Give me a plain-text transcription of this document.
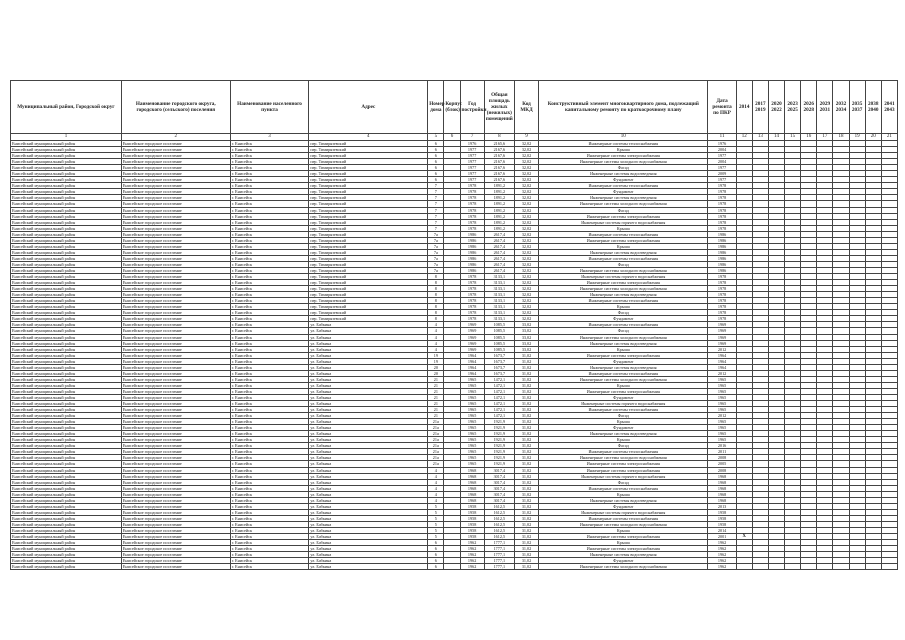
Муниципальный район, Городской округ	Наименование городского округа, городского (сельского) поселения	Наименование населенного пункта	Адрес	Номер дома	Корпус (блок)	Год постройки	Общая площадь жилых (нежилых) помещений	Код МКД	Конструктивный элемент многоквартирного дома, подлежащий капитальному ремонту по краткосрочному плану	Дата ремонта по ПКР	2014	2017 2019	2020 2022	2023 2025	2026 2028	2029 2031	2032 2034	2035 2037	2038 2040	2041 2043
1	2	3	4	5	6	7	8	9	10	11	12	13	14	15	16	17	18	19	20	21
Енисейский муниципальный район	Енисейское городское поселение	г. Енисейск	пер. Тимирязевский	6		1976	2165,6	32,02	Инженерные системы теплоснабжения	1976										
Енисейский муниципальный район	Енисейское городское поселение	г. Енисейск	пер. Тимирязевский	6		1977	2167,6	32,02	Крыша	2004										
Енисейский муниципальный район	Енисейское городское поселение	г. Енисейск	пер. Тимирязевский	6		1977	2167,6	32,02	Инженерные системы электроснабжения	1977										
Енисейский муниципальный район	Енисейское городское поселение	г. Енисейск	пер. Тимирязевский	6		1977	2167,6	32,02	Инженерные системы холодного водоснабжения	2004										
Енисейский муниципальный район	Енисейское городское поселение	г. Енисейск	пер. Тимирязевский	6		1977	2167,6	32,02	Фасад	1977										
Енисейский муниципальный район	Енисейское городское поселение	г. Енисейск	пер. Тимирязевский	6		1977	2167,6	32,02	Инженерные системы водоотведения	2009										
Енисейский муниципальный район	Енисейское городское поселение	г. Енисейск	пер. Тимирязевский	6		1977	2167,6	32,02	Фундамент	1977										
Енисейский муниципальный район	Енисейское городское поселение	г. Енисейск	пер. Тимирязевский	7		1978	1891,2	32,02	Инженерные системы теплоснабжения	1978										
Енисейский муниципальный район	Енисейское городское поселение	г. Енисейск	пер. Тимирязевский	7		1978	1891,2	32,02	Фундамент	1978										
Енисейский муниципальный район	Енисейское городское поселение	г. Енисейск	пер. Тимирязевский	7		1978	1891,2	32,02	Инженерные системы водоотведения	1978										
Енисейский муниципальный район	Енисейское городское поселение	г. Енисейск	пер. Тимирязевский	7		1978	1891,2	32,02	Инженерные системы холодного водоснабжения	1978										
Енисейский муниципальный район	Енисейское городское поселение	г. Енисейск	пер. Тимирязевский	7		1978	1891,2	32,02	Фасад	1978										
Енисейский муниципальный район	Енисейское городское поселение	г. Енисейск	пер. Тимирязевский	7		1978	1891,2	32,02	Инженерные системы электроснабжения	1978										
Енисейский муниципальный район	Енисейское городское поселение	г. Енисейск	пер. Тимирязевский	7		1978	1891,2	32,02	Инженерные системы горячего водоснабжения	1978										
Енисейский муниципальный район	Енисейское городское поселение	г. Енисейск	пер. Тимирязевский	7		1978	1891,2	32,02	Крыша	1978										
Енисейский муниципальный район	Енисейское городское поселение	г. Енисейск	пер. Тимирязевский	7а		1986	2617,4	32,02	Инженерные системы теплоснабжения	1986										
Енисейский муниципальный район	Енисейское городское поселение	г. Енисейск	пер. Тимирязевский	7а		1986	2617,4	32,02	Инженерные системы электроснабжения	1986										
Енисейский муниципальный район	Енисейское городское поселение	г. Енисейск	пер. Тимирязевский	7а		1986	2617,4	32,02	Крыша	1986										
Енисейский муниципальный район	Енисейское городское поселение	г. Енисейск	пер. Тимирязевский	7а		1986	2617,4	32,02	Инженерные системы водоотведения	1986										
Енисейский муниципальный район	Енисейское городское поселение	г. Енисейск	пер. Тимирязевский	7а		1986	2617,4	32,02	Инженерные системы теплоснабжения	1986										
Енисейский муниципальный район	Енисейское городское поселение	г. Енисейск	пер. Тимирязевский	7а		1986	2617,4	32,02	Фасад	1986										
Енисейский муниципальный район	Енисейское городское поселение	г. Енисейск	пер. Тимирязевский	7а		1986	2617,4	32,02	Инженерные системы холодного водоснабжения	1986										
Енисейский муниципальный район	Енисейское городское поселение	г. Енисейск	пер. Тимирязевский	8		1978	3133,1	32,02	Инженерные системы горячего водоснабжения	1978										
Енисейский муниципальный район	Енисейское городское поселение	г. Енисейск	пер. Тимирязевский	8		1978	3133,1	32,02	Инженерные системы электроснабжения	1978										
Енисейский муниципальный район	Енисейское городское поселение	г. Енисейск	пер. Тимирязевский	8		1978	3133,1	32,02	Инженерные системы холодного водоснабжения	1978										
Енисейский муниципальный район	Енисейское городское поселение	г. Енисейск	пер. Тимирязевский	8		1978	3133,1	32,02	Инженерные системы водоотведения	1978										
Енисейский муниципальный район	Енисейское городское поселение	г. Енисейск	пер. Тимирязевский	8		1978	3133,1	32,02	Инженерные системы теплоснабжения	1978										
Енисейский муниципальный район	Енисейское городское поселение	г. Енисейск	пер. Тимирязевский	8		1978	3133,1	32,02	Крыша	1978										
Енисейский муниципальный район	Енисейское городское поселение	г. Енисейск	пер. Тимирязевский	8		1978	3133,1	32,02	Фасад	1978										
Енисейский муниципальный район	Енисейское городское поселение	г. Енисейск	пер. Тимирязевский	8		1978	3133,1	32,02	Фундамент	1978										
Енисейский муниципальный район	Енисейское городское поселение	г. Енисейск	ул. Бабкина	4		1969	1085,5	33,02	Инженерные системы теплоснабжения	1969										
Енисейский муниципальный район	Енисейское городское поселение	г. Енисейск	ул. Бабкина	4		1969	1085,5	33,02	Фасад	1969										
Енисейский муниципальный район	Енисейское городское поселение	г. Енисейск	ул. Бабкина	4		1969	1085,5	33,02	Инженерные системы холодного водоснабжения	1969										
Енисейский муниципальный район	Енисейское городское поселение	г. Енисейск	ул. Бабкина	4		1969	1085,5	33,02	Инженерные системы водоотведения	1969										
Енисейский муниципальный район	Енисейское городское поселение	г. Енисейск	ул. Бабкина	4		1969	1085,5	33,02	Крыша	2012										
Енисейский муниципальный район	Енисейское городское поселение	г. Енисейск	ул. Бабкина	19		1964	1673,7	31,02	Инженерные системы электроснабжения	1964										
Енисейский муниципальный район	Енисейское городское поселение	г. Енисейск	ул. Бабкина	19		1964	1673,7	31,02	Фундамент	1964										
Енисейский муниципальный район	Енисейское городское поселение	г. Енисейск	ул. Бабкина	20		1964	1673,7	31,02	Инженерные системы водоотведения	1964										
Енисейский муниципальный район	Енисейское городское поселение	г. Енисейск	ул. Бабкина	20		1964	1673,7	31,02	Инженерные системы теплоснабжения	2012										
Енисейский муниципальный район	Енисейское городское поселение	г. Енисейск	ул. Бабкина	21		1965	1472,1	31,02	Инженерные системы холодного водоснабжения	1965										
Енисейский муниципальный район	Енисейское городское поселение	г. Енисейск	ул. Бабкина	21		1965	1472,1	31,02	Крыша	1965										
Енисейский муниципальный район	Енисейское городское поселение	г. Енисейск	ул. Бабкина	21		1965	1472,1	31,02	Инженерные системы электроснабжения	1965										
Енисейский муниципальный район	Енисейское городское поселение	г. Енисейск	ул. Бабкина	21		1965	1472,1	31,02	Фундамент	1965										
Енисейский муниципальный район	Енисейское городское поселение	г. Енисейск	ул. Бабкина	21		1965	1472,1	31,02	Инженерные системы горячего водоснабжения	1965										
Енисейский муниципальный район	Енисейское городское поселение	г. Енисейск	ул. Бабкина	21		1965	1472,1	31,02	Инженерные системы теплоснабжения	1965										
Енисейский муниципальный район	Енисейское городское поселение	г. Енисейск	ул. Бабкина	21		1965	1472,1	31,02	Фасад	2012										
Енисейский муниципальный район	Енисейское городское поселение	г. Енисейск	ул. Бабкина	21а		1965	1921,9	31,02	Крыша	1965										
Енисейский муниципальный район	Енисейское городское поселение	г. Енисейск	ул. Бабкина	21а		1965	1921,9	31,02	Фундамент	1965										
Енисейский муниципальный район	Енисейское городское поселение	г. Енисейск	ул. Бабкина	21а		1965	1921,9	31,02	Инженерные системы водоотведения	1965										
Енисейский муниципальный район	Енисейское городское поселение	г. Енисейск	ул. Бабкина	21а		1965	1921,9	31,02	Крыша	1965										
Енисейский муниципальный район	Енисейское городское поселение	г. Енисейск	ул. Бабкина	21а		1965	1921,9	31,02	Фасад	2016										
Енисейский муниципальный район	Енисейское городское поселение	г. Енисейск	ул. Бабкина	21а		1965	1921,9	31,02	Инженерные системы теплоснабжения	2011										
Енисейский муниципальный район	Енисейское городское поселение	г. Енисейск	ул. Бабкина	21а		1965	1921,9	31,02	Инженерные системы холодного водоснабжения	2008										
Енисейский муниципальный район	Енисейское городское поселение	г. Енисейск	ул. Бабкина	21а		1965	1921,9	31,02	Инженерные системы электроснабжения	2005										
Енисейский муниципальный район	Енисейское городское поселение	г. Енисейск	ул. Бабкина	4		1968	3017,4	31,02	Инженерные системы электроснабжения	2008										
Енисейский муниципальный район	Енисейское городское поселение	г. Енисейск	ул. Бабкина	4		1968	3017,4	31,02	Инженерные системы горячего водоснабжения	1968										
Енисейский муниципальный район	Енисейское городское поселение	г. Енисейск	ул. Бабкина	4		1968	3017,4	31,02	Фасад	1968										
Енисейский муниципальный район	Енисейское городское поселение	г. Енисейск	ул. Бабкина	4		1968	3017,4	31,02	Инженерные системы теплоснабжения	1968										
Енисейский муниципальный район	Енисейское городское поселение	г. Енисейск	ул. Бабкина	4		1968	3017,4	31,02	Крыша	1968										
Енисейский муниципальный район	Енисейское городское поселение	г. Енисейск	ул. Бабкина	4		1968	3017,4	31,02	Инженерные системы водоотведения	1968										
Енисейский муниципальный район	Енисейское городское поселение	г. Енисейск	ул. Бабкина	5		1958	1612,5	31,02	Фундамент	2013										
Енисейский муниципальный район	Енисейское городское поселение	г. Енисейск	ул. Бабкина	5		1958	1612,5	31,02	Инженерные системы горячего водоснабжения	1958										
Енисейский муниципальный район	Енисейское городское поселение	г. Енисейск	ул. Бабкина	5		1958	1612,5	31,02	Инженерные системы теплоснабжения	1958										
Енисейский муниципальный район	Енисейское городское поселение	г. Енисейск	ул. Бабкина	5		1958	1612,5	31,02	Инженерные системы холодного водоснабжения	1958										
Енисейский муниципальный район	Енисейское городское поселение	г. Енисейск	ул. Бабкина	5		1958	1612,5	31,02	Крыша	2014										
Енисейский муниципальный район	Енисейское городское поселение	г. Енисейск	ул. Бабкина	5		1958	1612,5	31,02	Инженерные системы электроснабжения	2001	X									
Енисейский муниципальный район	Енисейское городское поселение	г. Енисейск	ул. Бабкина	6		1962	1777,1	31,02	Крыша	1962										
Енисейский муниципальный район	Енисейское городское поселение	г. Енисейск	ул. Бабкина	6		1962	1777,1	31,02	Инженерные системы электроснабжения	1962										
Енисейский муниципальный район	Енисейское городское поселение	г. Енисейск	ул. Бабкина	6		1962	1777,1	31,02	Инженерные системы водоотведения	1962										
Енисейский муниципальный район	Енисейское городское поселение	г. Енисейск	ул. Бабкина	6		1962	1777,1	31,02	Фундамент	1962										
Енисейский муниципальный район	Енисейское городское поселение	г. Енисейск	ул. Бабкина	6		1962	1777,1	31,02	Инженерные системы холодного водоснабжения	1962										
